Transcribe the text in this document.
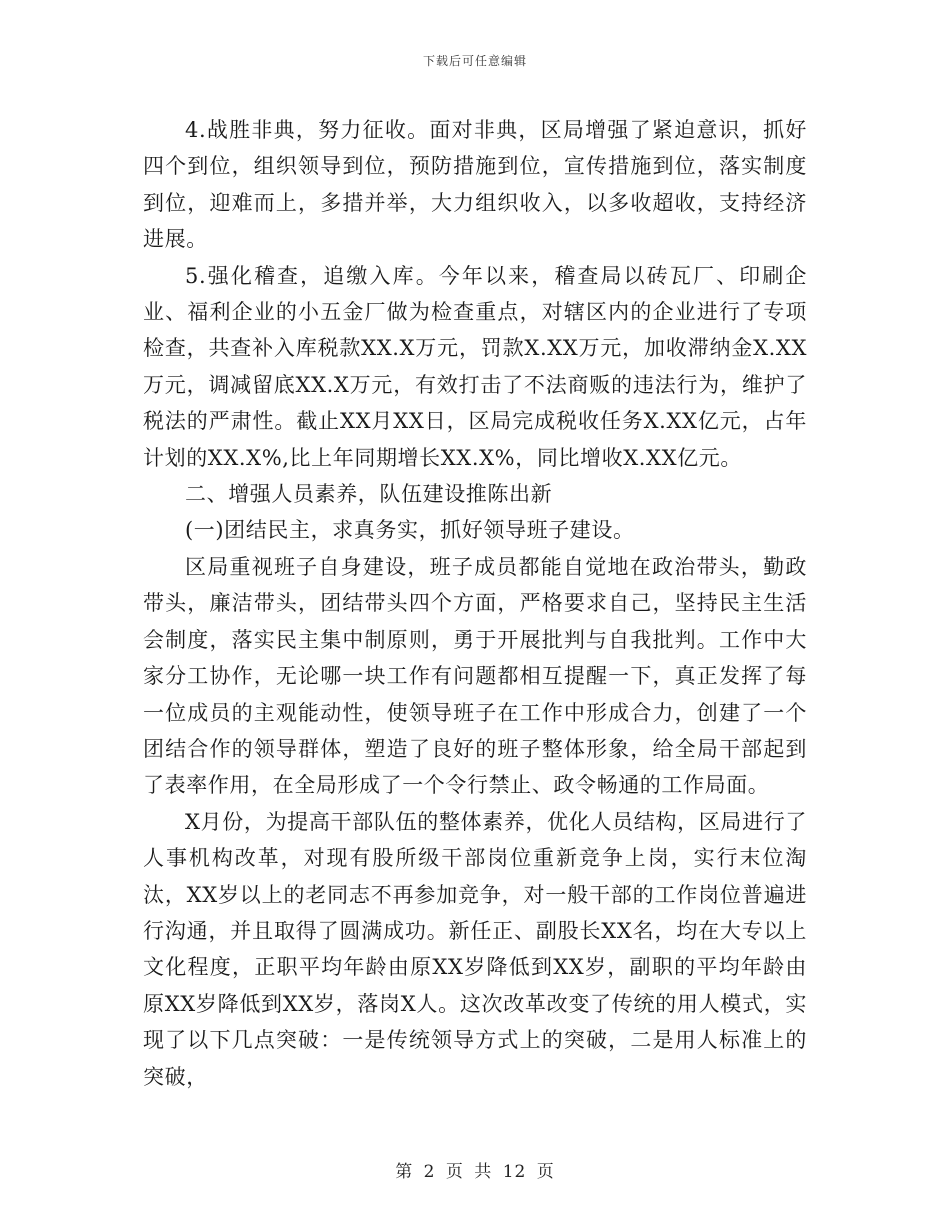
下载后可任意编辑

4.战胜非典，努力征收。面对非典，区局增强了紧迫意识，抓好四个到位，组织领导到位，预防措施到位，宣传措施到位，落实制度到位，迎难而上，多措并举，大力组织收入，以多收超收，支持经济进展。

5.强化稽查，追缴入库。今年以来，稽查局以砖瓦厂、印刷企业、福利企业的小五金厂做为检查重点，对辖区内的企业进行了专项检查，共查补入库税款XX.X万元，罚款X.XX万元，加收滞纳金X.XX万元，调减留底XX.X万元，有效打击了不法商贩的违法行为，维护了税法的严肃性。截止XX月XX日，区局完成税收任务X.XX亿元，占年计划的XX.X%,比上年同期增长XX.X%，同比增收X.XX亿元。

二、增强人员素养，队伍建设推陈出新

(一)团结民主，求真务实，抓好领导班子建设。

区局重视班子自身建设，班子成员都能自觉地在政治带头，勤政带头，廉洁带头，团结带头四个方面，严格要求自己，坚持民主生活会制度，落实民主集中制原则，勇于开展批判与自我批判。工作中大家分工协作，无论哪一块工作有问题都相互提醒一下，真正发挥了每一位成员的主观能动性，使领导班子在工作中形成合力，创建了一个团结合作的领导群体，塑造了良好的班子整体形象，给全局干部起到了表率作用，在全局形成了一个令行禁止、政令畅通的工作局面。

X月份，为提高干部队伍的整体素养，优化人员结构，区局进行了人事机构改革，对现有股所级干部岗位重新竞争上岗，实行末位淘汰，XX岁以上的老同志不再参加竞争，对一般干部的工作岗位普遍进行沟通，并且取得了圆满成功。新任正、副股长XX名，均在大专以上文化程度，正职平均年龄由原XX岁降低到XX岁，副职的平均年龄由原XX岁降低到XX岁，落岗X人。这次改革改变了传统的用人模式，实现了以下几点突破：一是传统领导方式上的突破，二是用人标准上的突破，

第 2 页 共 12 页
